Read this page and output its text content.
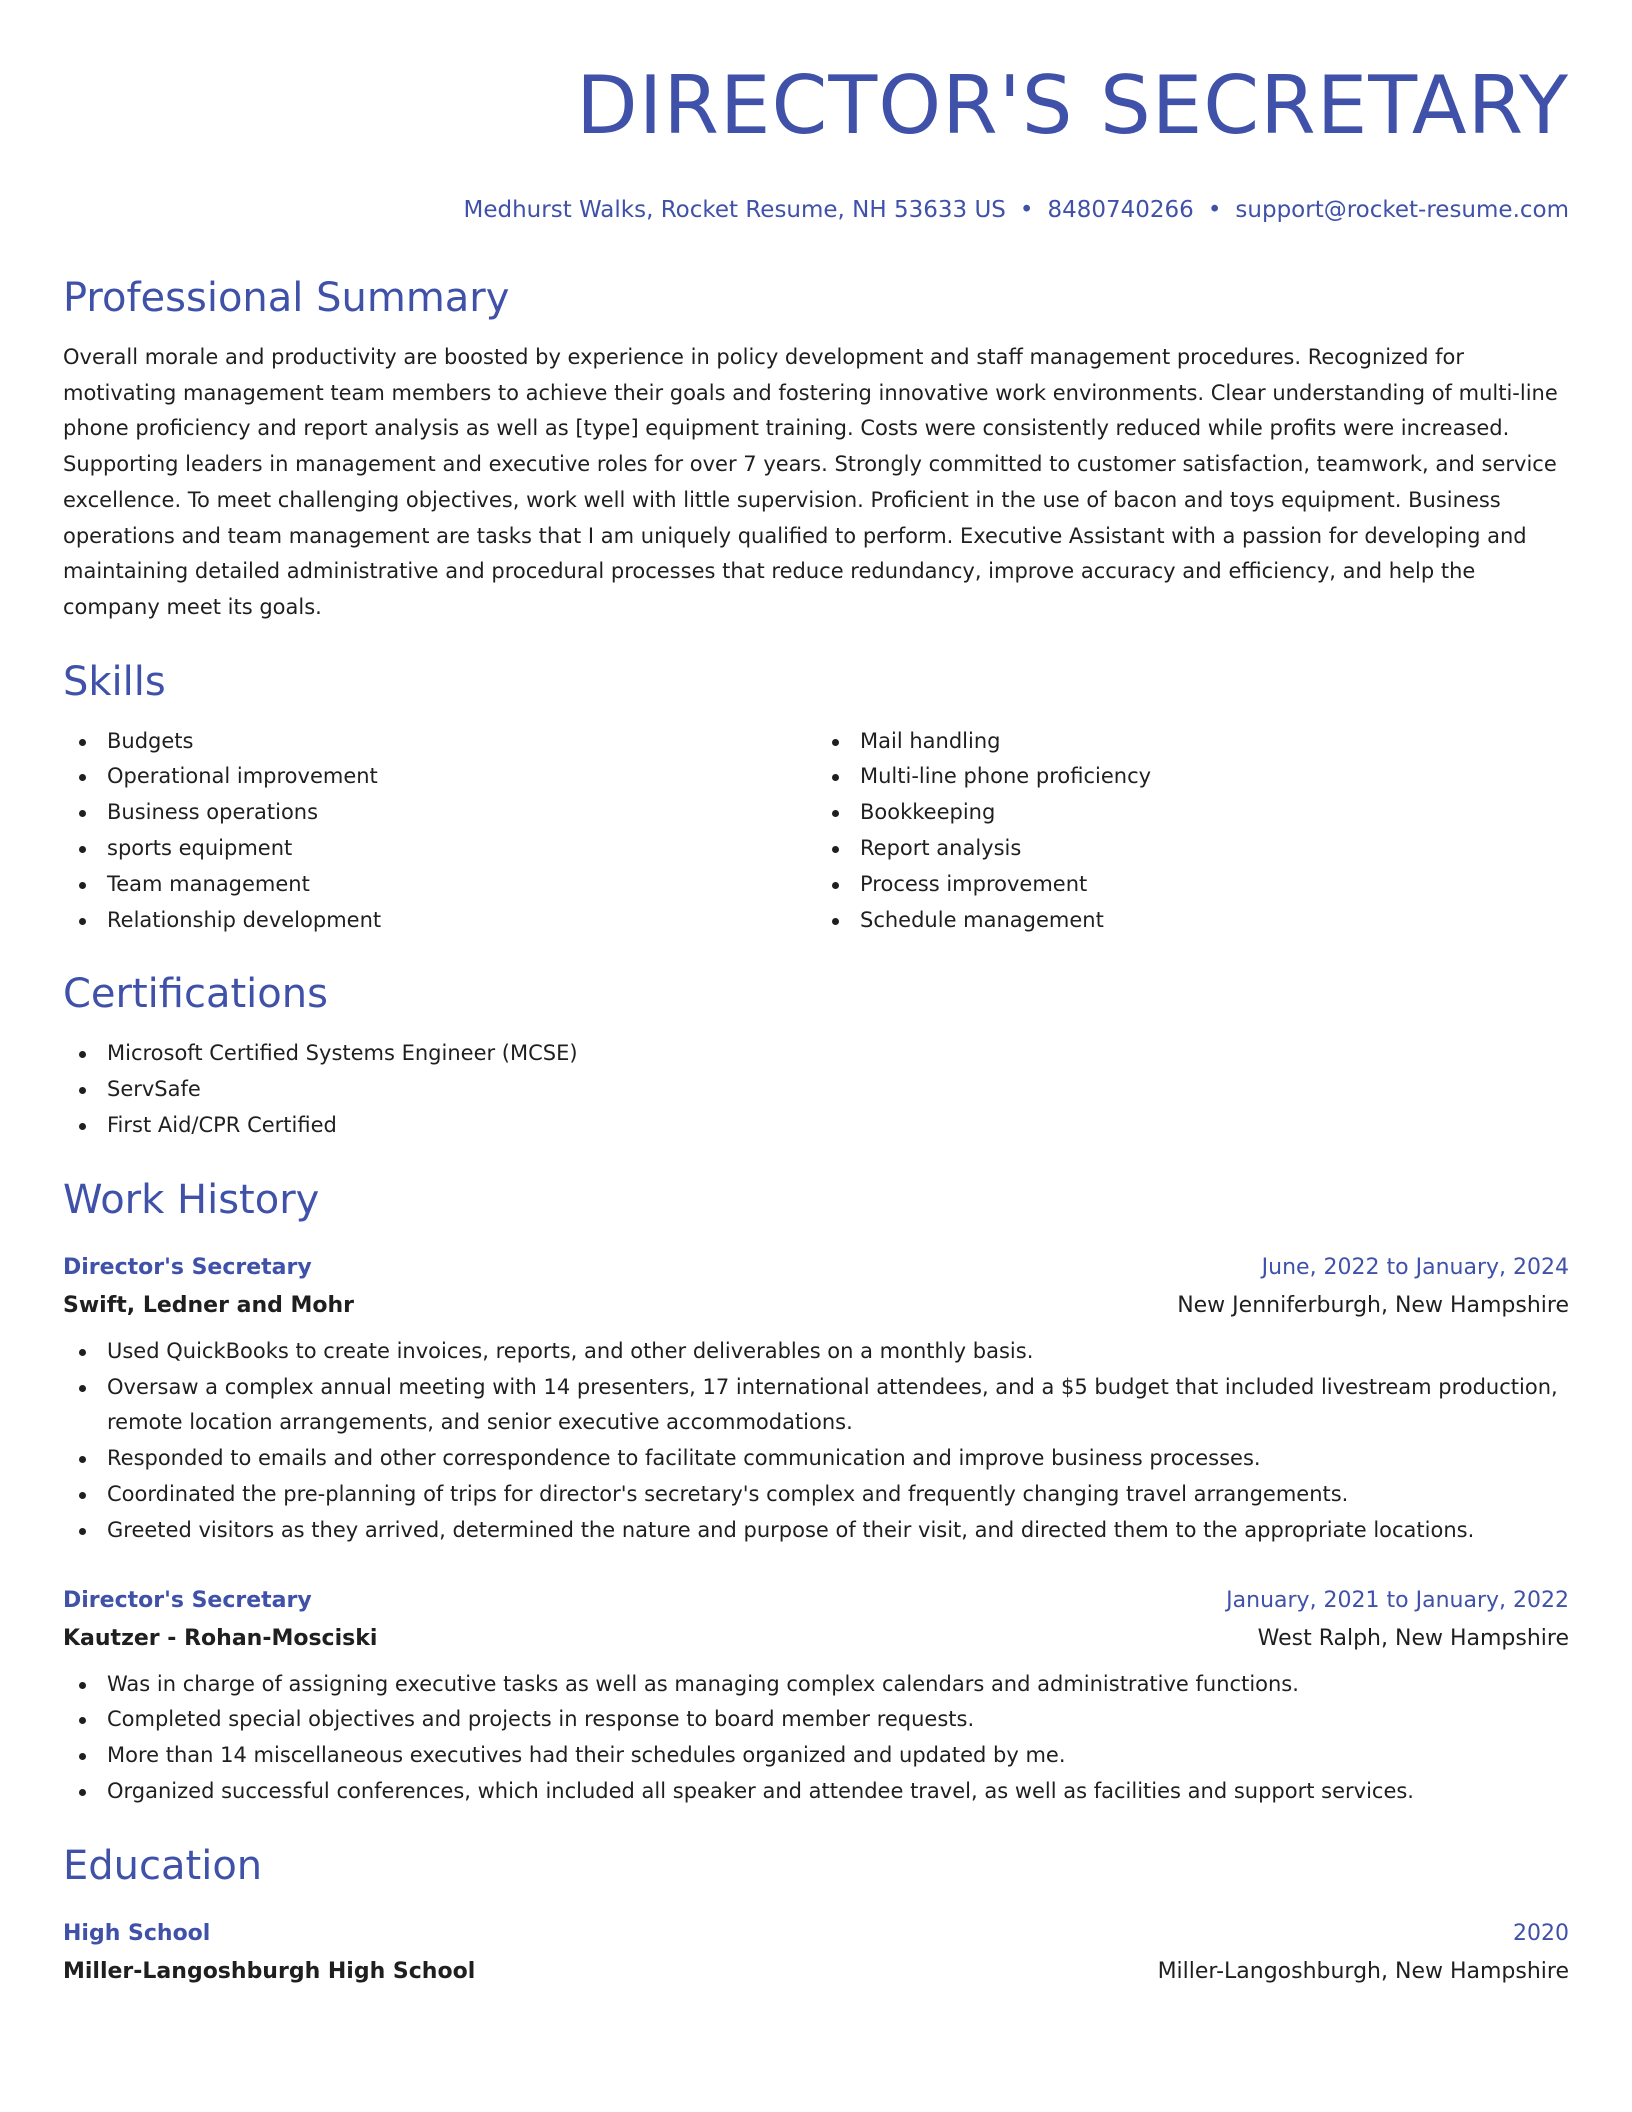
DIRECTOR'S SECRETARY
Medhurst Walks, Rocket Resume, NH 53633 US • 8480740266 • support@rocket-resume.com
Professional Summary

Overall morale and productivity are boosted by experience in policy development and staff management procedures. Recognized for motivating management team members to achieve their goals and fostering innovative work environments. Clear understanding of multi-line phone proficiency and report analysis as well as [type] equipment training. Costs were consistently reduced while profits were increased. Supporting leaders in management and executive roles for over 7 years. Strongly committed to customer satisfaction, teamwork, and service excellence. To meet challenging objectives, work well with little supervision. Proficient in the use of bacon and toys equipment. Business operations and team management are tasks that I am uniquely qualified to perform. Executive Assistant with a passion for developing and maintaining detailed administrative and procedural processes that reduce redundancy, improve accuracy and efficiency, and help the company meet its goals.

Skills
Budgets
Operational improvement
Business operations
sports equipment
Team management
Relationship development
Mail handling
Multi-line phone proficiency
Bookkeeping
Report analysis
Process improvement
Schedule management
Certifications
Microsoft Certified Systems Engineer (MCSE)
ServSafe
First Aid/CPR Certified
Work History
Director's Secretary	June, 2022 to January, 2024
Swift, Ledner and Mohr	New Jenniferburgh, New Hampshire
Used QuickBooks to create invoices, reports, and other deliverables on a monthly basis.
Oversaw a complex annual meeting with 14 presenters, 17 international attendees, and a $5 budget that included livestream production, remote location arrangements, and senior executive accommodations.
Responded to emails and other correspondence to facilitate communication and improve business processes.
Coordinated the pre-planning of trips for director's secretary's complex and frequently changing travel arrangements.
Greeted visitors as they arrived, determined the nature and purpose of their visit, and directed them to the appropriate locations.
Director's Secretary	January, 2021 to January, 2022
Kautzer - Rohan-Mosciski	West Ralph, New Hampshire
Was in charge of assigning executive tasks as well as managing complex calendars and administrative functions.
Completed special objectives and projects in response to board member requests.
More than 14 miscellaneous executives had their schedules organized and updated by me.
Organized successful conferences, which included all speaker and attendee travel, as well as facilities and support services.
Education
High School	2020
Miller-Langoshburgh High School	Miller-Langoshburgh, New Hampshire
